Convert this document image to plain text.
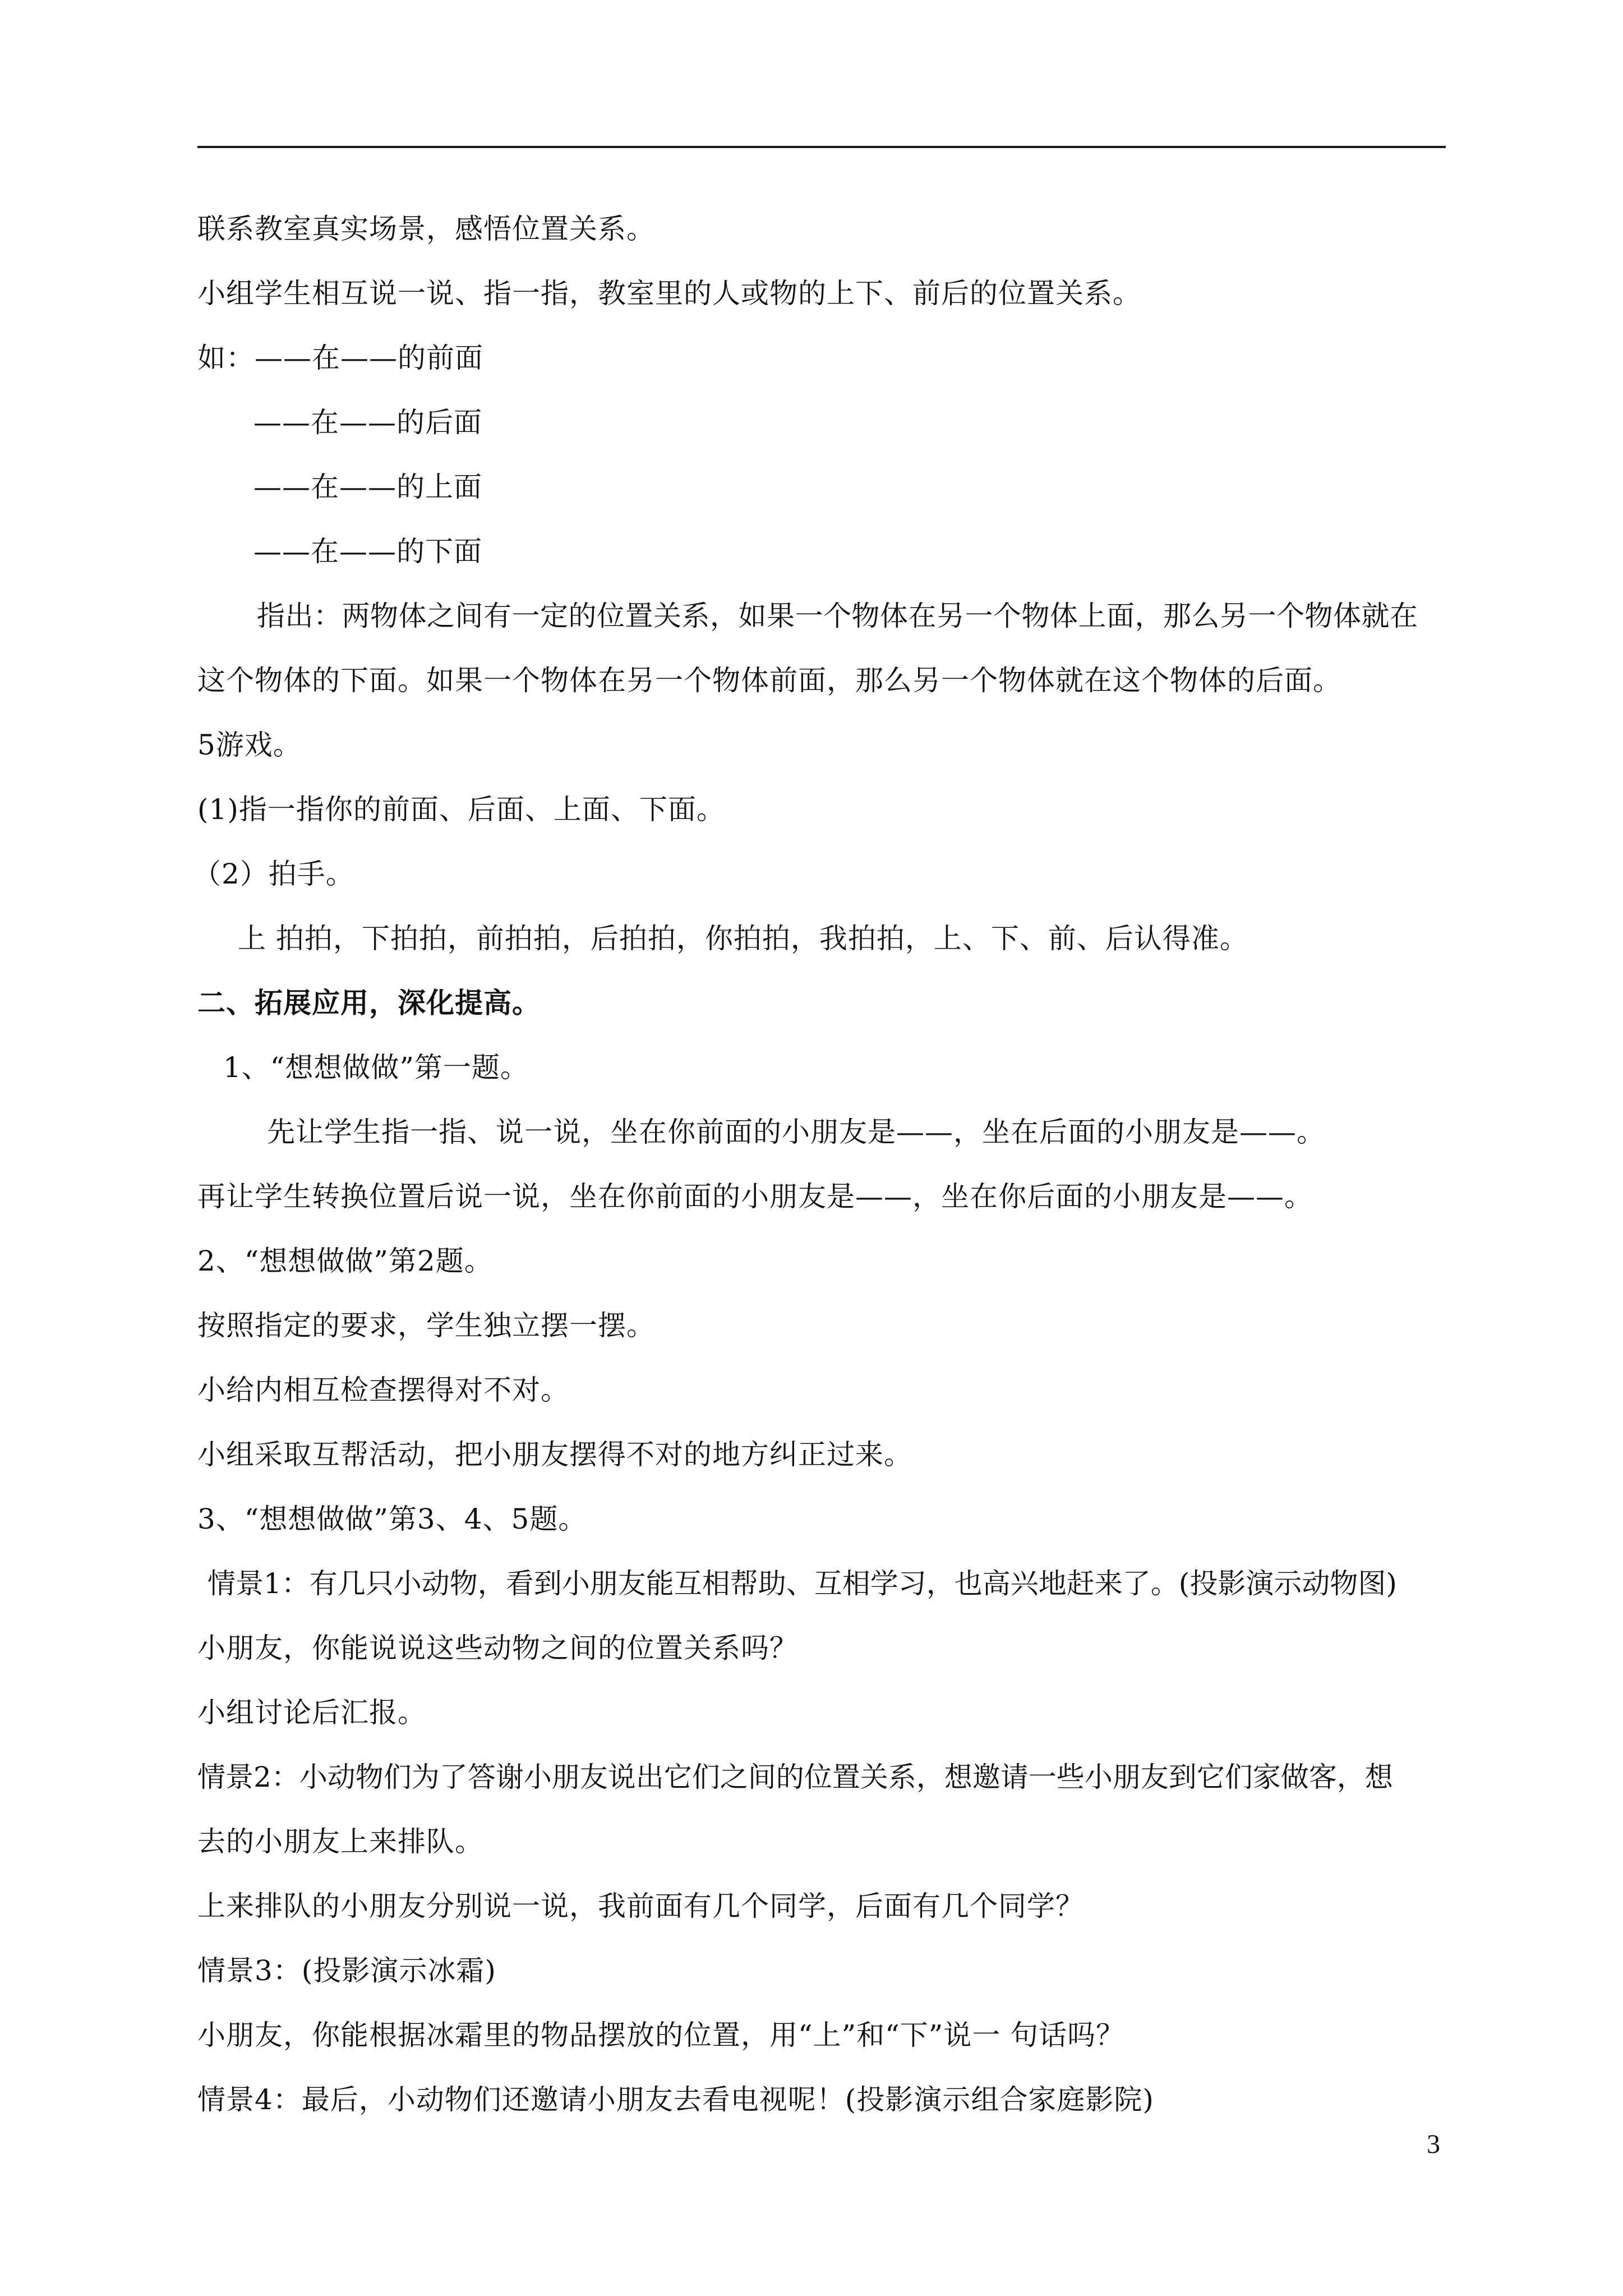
联系教室真实场景，感悟位置关系。
小组学生相互说一说、指一指，教室里的人或物的上下、前后的位置关系。
如：——在——的前面
——在——的后面
——在——的上面
——在——的下面
指出：两物体之间有一定的位置关系，如果一个物体在另一个物体上面，那么另一个物体就在
这个物体的下面。如果一个物体在另一个物体前面，那么另一个物体就在这个物体的后面。
5游戏。
(1)指一指你的前面、后面、上面、下面。
（2）拍手。
上 拍拍，下拍拍，前拍拍，后拍拍，你拍拍，我拍拍，上、下、前、后认得准。
二、拓展应用，深化提高。
1、“想想做做”第一题。
先让学生指一指、说一说，坐在你前面的小朋友是——，坐在后面的小朋友是——。
再让学生转换位置后说一说，坐在你前面的小朋友是——，坐在你后面的小朋友是——。
2、“想想做做”第2题。
按照指定的要求，学生独立摆一摆。
小给内相互检查摆得对不对。
小组采取互帮活动，把小朋友摆得不对的地方纠正过来。
3、“想想做做”第3、4、5题。
情景1：有几只小动物，看到小朋友能互相帮助、互相学习，也高兴地赶来了。(投影演示动物图)
小朋友，你能说说这些动物之间的位置关系吗？
小组讨论后汇报。
情景2：小动物们为了答谢小朋友说出它们之间的位置关系，想邀请一些小朋友到它们家做客，想
去的小朋友上来排队。
上来排队的小朋友分别说一说，我前面有几个同学，后面有几个同学？
情景3：(投影演示冰霜)
小朋友，你能根据冰霜里的物品摆放的位置，用“上”和“下”说一 句话吗？
情景4：最后，小动物们还邀请小朋友去看电视呢！(投影演示组合家庭影院)
3
